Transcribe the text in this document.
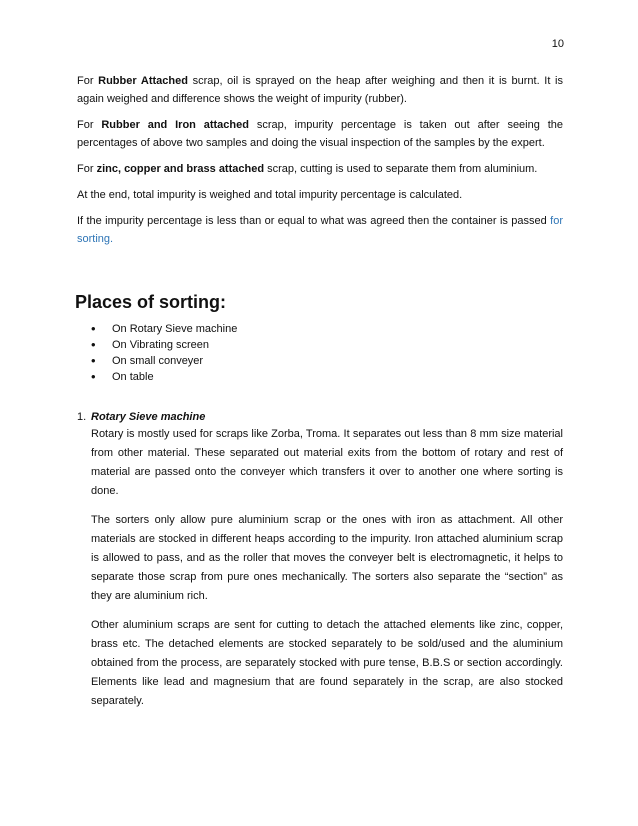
10

For Rubber Attached scrap, oil is sprayed on the heap after weighing and then it is burnt. It is again weighed and difference shows the weight of impurity (rubber).

For Rubber and Iron attached scrap, impurity percentage is taken out after seeing the percentages of above two samples and doing the visual inspection of the samples by the expert.

For zinc, copper and brass attached scrap, cutting is used to separate them from aluminium.

At the end, total impurity is weighed and total impurity percentage is calculated.

If the impurity percentage is less than or equal to what was agreed then the container is passed for sorting.

Places of sorting:
• On Rotary Sieve machine
• On Vibrating screen
• On small conveyer
• On table
1. Rotary Sieve machine

Rotary is mostly used for scraps like Zorba, Troma. It separates out less than 8 mm size material from other material. These separated out material exits from the bottom of rotary and rest of material are passed onto the conveyer which transfers it over to another one where sorting is done.

The sorters only allow pure aluminium scrap or the ones with iron as attachment. All other materials are stocked in different heaps according to the impurity. Iron attached aluminium scrap is allowed to pass, and as the roller that moves the conveyer belt is electromagnetic, it helps to separate those scrap from pure ones mechanically. The sorters also separate the “section” as they are aluminium rich.

Other aluminium scraps are sent for cutting to detach the attached elements like zinc, copper, brass etc. The detached elements are stocked separately to be sold/used and the aluminium obtained from the process, are separately stocked with pure tense, B.B.S or section accordingly. Elements like lead and magnesium that are found separately in the scrap, are also stocked separately.
